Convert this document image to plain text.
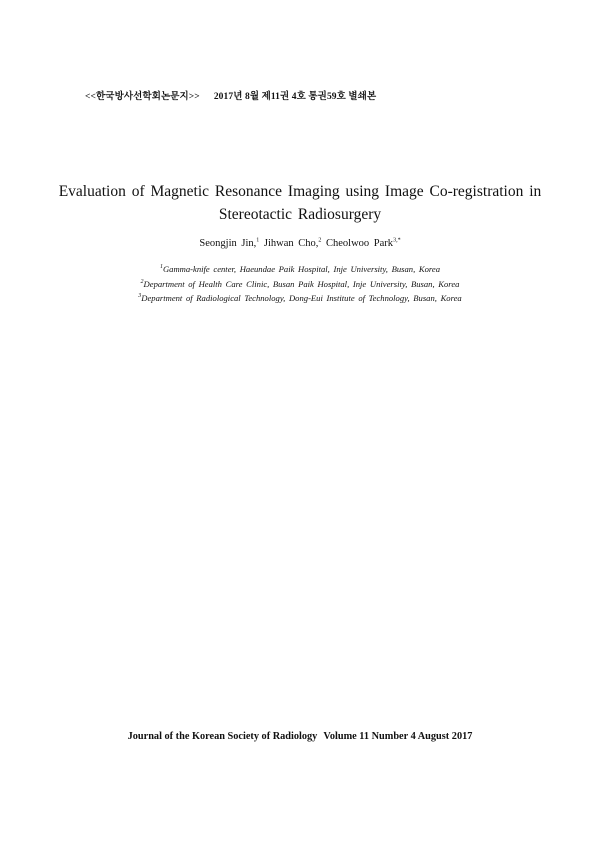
<<한국방사선학회논문지>> 2017년 8월 제11권 4호 통권59호 별쇄본
Evaluation of Magnetic Resonance Imaging using Image Co-registration in
Stereotactic Radiosurgery
Seongjin Jin,$^1$ Jihwan Cho,$^2$ Cheolwoo Park$^{3,*}$
$^1$Gamma-knife center, Haeundae Paik Hospital, Inje University, Busan, Korea
$^2$Department of Health Care Clinic, Busan Paik Hospital, Inje University, Busan, Korea
$^3$Department of Radiological Technology, Dong-Eui Institute of Technology, Busan, Korea
Journal of the Korean Society of Radiology Volume 11 Number 4 August 2017
